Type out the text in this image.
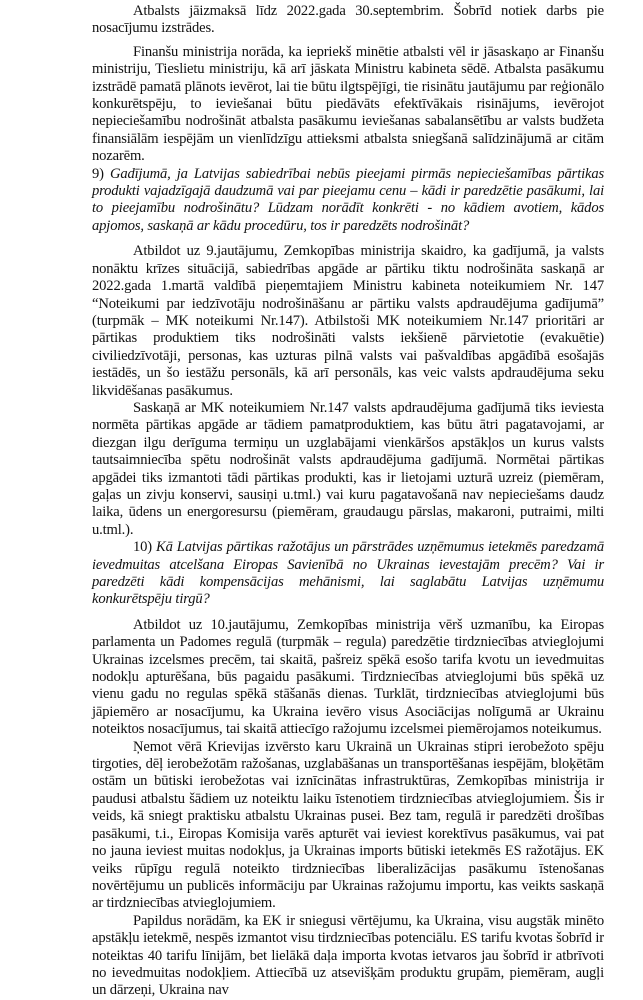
Atbalsts jāizmaksā līdz 2022.gada 30.septembrim. Šobrīd notiek darbs pie nosacījumu izstrādes.

Finanšu ministrija norāda, ka iepriekš minētie atbalsti vēl ir jāsaskaņo ar Finanšu ministriju, Tieslietu ministriju, kā arī jāskata Ministru kabineta sēdē. Atbalsta pasākumu izstrādē pamatā plānots ievērot, lai tie būtu ilgtspējīgi, tie risinātu jautājumu par reģionālo konkurētspēju, to ieviešanai būtu piedāvāts efektīvākais risinājums, ievērojot nepieciešamību nodrošināt atbalsta pasākumu ieviešanas sabalansētību ar valsts budžeta finansiālām iespējām un vienlīdzīgu attieksmi atbalsta sniegšanā salīdzinājumā ar citām nozarēm.

9) Gadījumā, ja Latvijas sabiedrībai nebūs pieejami pirmās nepieciešamības pārtikas produkti vajadzīgajā daudzumā vai par pieejamu cenu – kādi ir paredzētie pasākumi, lai to pieejamību nodrošinātu? Lūdzam norādīt konkrēti - no kādiem avotiem, kādos apjomos, saskaņā ar kādu procedūru, tos ir paredzēts nodrošināt?

Atbildot uz 9.jautājumu, Zemkopības ministrija skaidro, ka gadījumā, ja valsts nonāktu krīzes situācijā, sabiedrības apgāde ar pārtiku tiktu nodrošināta saskaņā ar 2022.gada 1.martā valdībā pieņemtajiem Ministru kabineta noteikumiem Nr. 147 “Noteikumi par iedzīvotāju nodrošināšanu ar pārtiku valsts apdraudējuma gadījumā” (turpmāk – MK noteikumi Nr.147). Atbilstoši MK noteikumiem Nr.147 prioritāri ar pārtikas produktiem tiks nodrošināti valsts iekšienē pārvietotie (evakuētie) civiliedzīvotāji, personas, kas uzturas pilnā valsts vai pašvaldības apgādībā esošajās iestādēs, un šo iestāžu personāls, kā arī personāls, kas veic valsts apdraudējuma seku likvidēšanas pasākumus.

Saskaņā ar MK noteikumiem Nr.147 valsts apdraudējuma gadījumā tiks ieviesta normēta pārtikas apgāde ar tādiem pamatproduktiem, kas būtu ātri pagatavojami, ar diezgan ilgu derīguma termiņu un uzglabājami vienkāršos apstākļos un kurus valsts tautsaimniecība spētu nodrošināt valsts apdraudējuma gadījumā. Normētai pārtikas apgādei tiks izmantoti tādi pārtikas produkti, kas ir lietojami uzturā uzreiz (piemēram, gaļas un zivju konservi, sausiņi u.tml.) vai kuru pagatavošanā nav nepieciešams daudz laika, ūdens un energoresursu (piemēram, graudaugu pārslas, makaroni, putraimi, milti u.tml.).

10) Kā Latvijas pārtikas ražotājus un pārstrādes uzņēmumus ietekmēs paredzamā ievedmuitas atcelšana Eiropas Savienībā no Ukrainas ievestajām precēm? Vai ir paredzēti kādi kompensācijas mehānismi, lai saglabātu Latvijas uzņēmumu konkurētspēju tirgū?

Atbildot uz 10.jautājumu, Zemkopības ministrija vērš uzmanību, ka Eiropas parlamenta un Padomes regulā (turpmāk – regula) paredzētie tirdzniecības atvieglojumi Ukrainas izcelsmes precēm, tai skaitā, pašreiz spēkā esošo tarifa kvotu un ievedmuitas nodokļu apturēšana, būs pagaidu pasākumi. Tirdzniecības atvieglojumi būs spēkā uz vienu gadu no regulas spēkā stāšanās dienas. Turklāt, tirdzniecības atvieglojumi būs jāpiemēro ar nosacījumu, ka Ukraina ievēro visus Asociācijas nolīgumā ar Ukrainu noteiktos nosacījumus, tai skaitā attiecīgo ražojumu izcelsmei piemērojamos noteikumus.

Ņemot vērā Krievijas izvērsto karu Ukrainā un Ukrainas stipri ierobežoto spēju tirgoties, dēļ ierobežotām ražošanas, uzglabāšanas un transportēšanas iespējām, bloķētām ostām un būtiski ierobežotas vai iznīcinātas infrastruktūras, Zemkopības ministrija ir paudusi atbalstu šādiem uz noteiktu laiku īstenotiem tirdzniecības atvieglojumiem. Šis ir veids, kā sniegt praktisku atbalstu Ukrainas pusei. Bez tam, regulā ir paredzēti drošības pasākumi, t.i., Eiropas Komisija varēs apturēt vai ieviest korektīvus pasākumus, vai pat no jauna ieviest muitas nodokļus, ja Ukrainas imports būtiski ietekmēs ES ražotājus. EK veiks rūpīgu regulā noteikto tirdzniecības liberalizācijas pasākumu īstenošanas novērtējumu un publicēs informāciju par Ukrainas ražojumu importu, kas veikts saskaņā ar tirdzniecības atvieglojumiem.

Papildus norādām, ka EK ir sniegusi vērtējumu, ka Ukraina, visu augstāk minēto apstākļu ietekmē, nespēs izmantot visu tirdzniecības potenciālu. ES tarifu kvotas šobrīd ir noteiktas 40 tarifu līnijām, bet lielākā daļa importa kvotas ietvaros jau šobrīd ir atbrīvoti no ievedmuitas nodokļiem. Attiecībā uz atsevišķām produktu grupām, piemēram, augļi un dārzeņi, Ukraina nav
